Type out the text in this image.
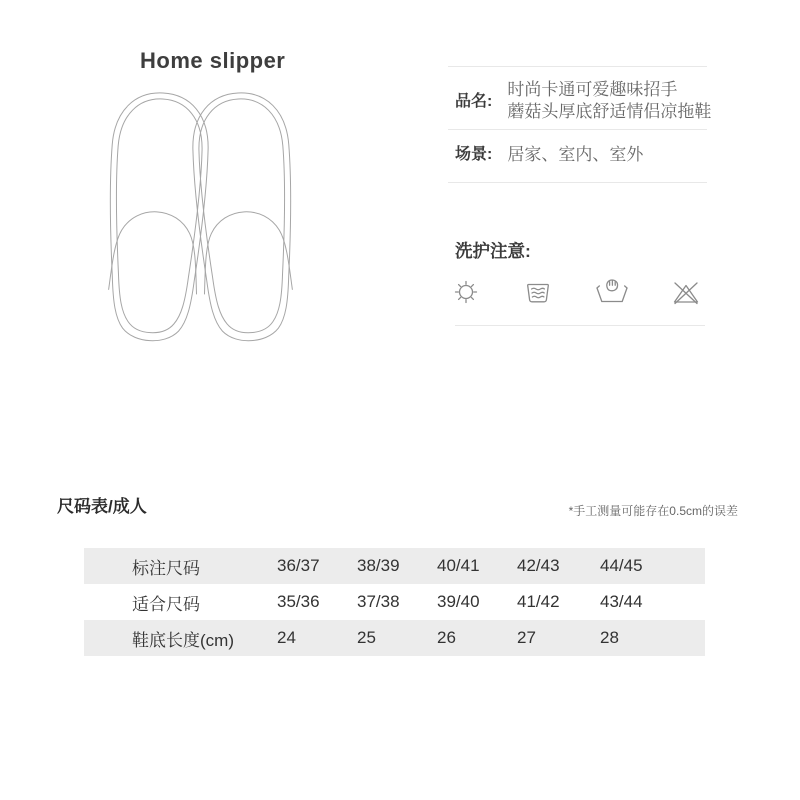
Home slipper
品名:
时尚卡通可爱趣味招手
蘑菇头厚底舒适情侣凉拖鞋
场景: 居家、室内、室外
洗护注意:
尺码表/成人	*手工测量可能存在0.5cm的误差
标注尺码	36/37	38/39	40/41	42/43	44/45
适合尺码	35/36	37/38	39/40	41/42	43/44
鞋底长度(cm)	24	25	26	27	28
